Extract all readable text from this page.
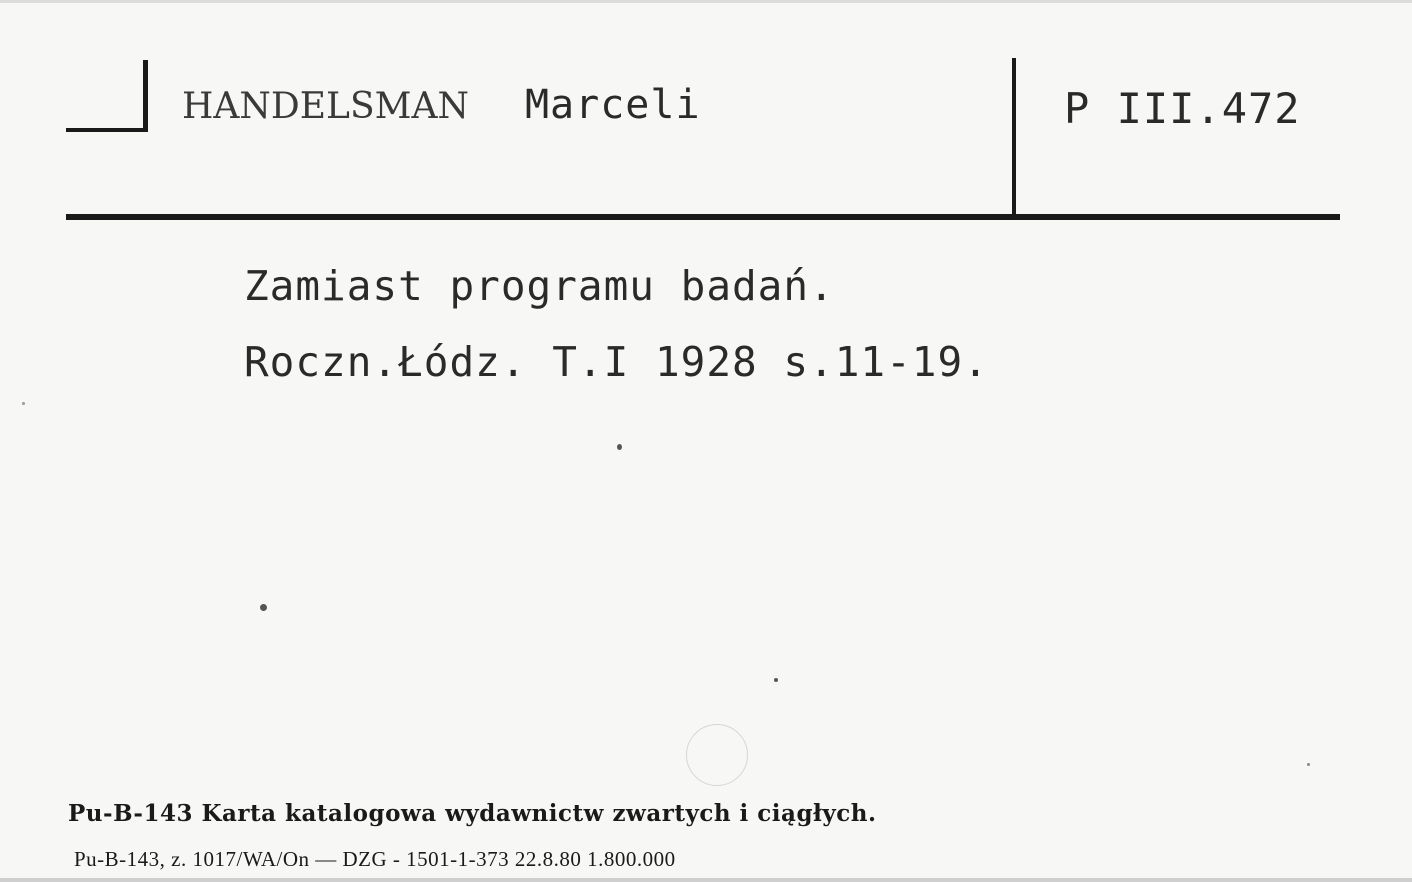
HANDELSMAN Marceli	P III.472
Zamiast programu badań.
Roczn.Łódz. T.I 1928 s.11-19.
Pu-B-143 Karta katalogowa wydawnictw zwartych i ciągłych.
Pu-B-143, z. 1017/WA/On — DZG - 1501-1-373 22.8.80 1.800.000
